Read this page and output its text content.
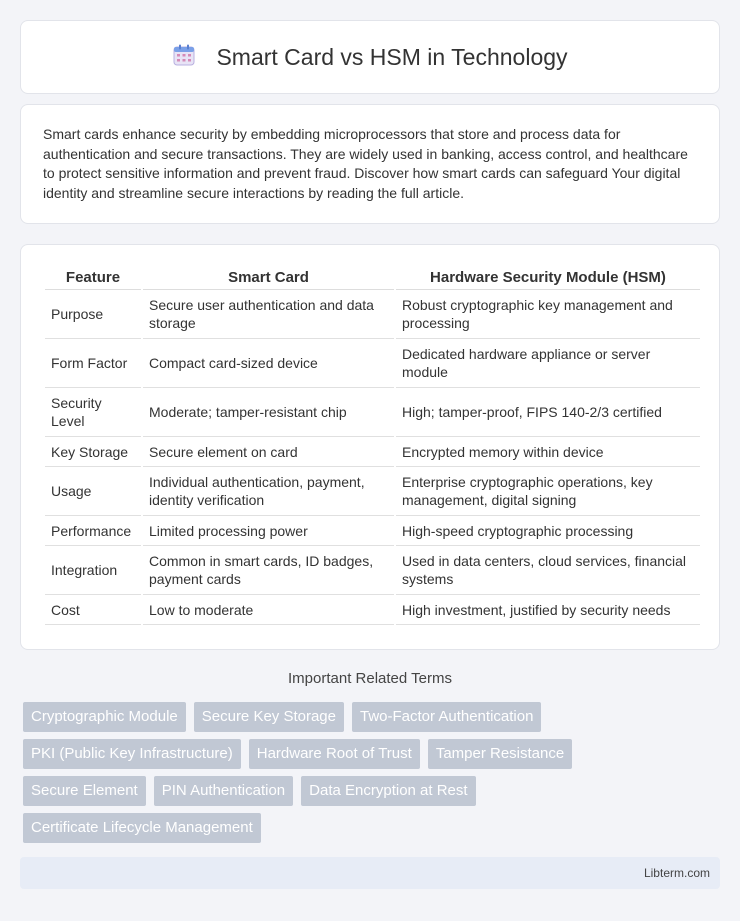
Smart Card vs HSM in Technology

Smart cards enhance security by embedding microprocessors that store and process data for authentication and secure transactions. They are widely used in banking, access control, and healthcare to protect sensitive information and prevent fraud. Discover how smart cards can safeguard Your digital identity and streamline secure interactions by reading the full article.

Feature	Smart Card	Hardware Security Module (HSM)
Purpose	Secure user authentication and data storage	Robust cryptographic key management and processing
Form Factor	Compact card-sized device	Dedicated hardware appliance or server module
Security Level	Moderate; tamper-resistant chip	High; tamper-proof, FIPS 140-2/3 certified
Key Storage	Secure element on card	Encrypted memory within device
Usage	Individual authentication, payment, identity verification	Enterprise cryptographic operations, key management, digital signing
Performance	Limited processing power	High-speed cryptographic processing
Integration	Common in smart cards, ID badges, payment cards	Used in data centers, cloud services, financial systems
Cost	Low to moderate	High investment, justified by security needs
Important Related Terms
Cryptographic Module	Secure Key Storage	Two-Factor Authentication
PKI (Public Key Infrastructure)	Hardware Root of Trust	Tamper Resistance
Secure Element	PIN Authentication	Data Encryption at Rest
Certificate Lifecycle Management
Libterm.com
